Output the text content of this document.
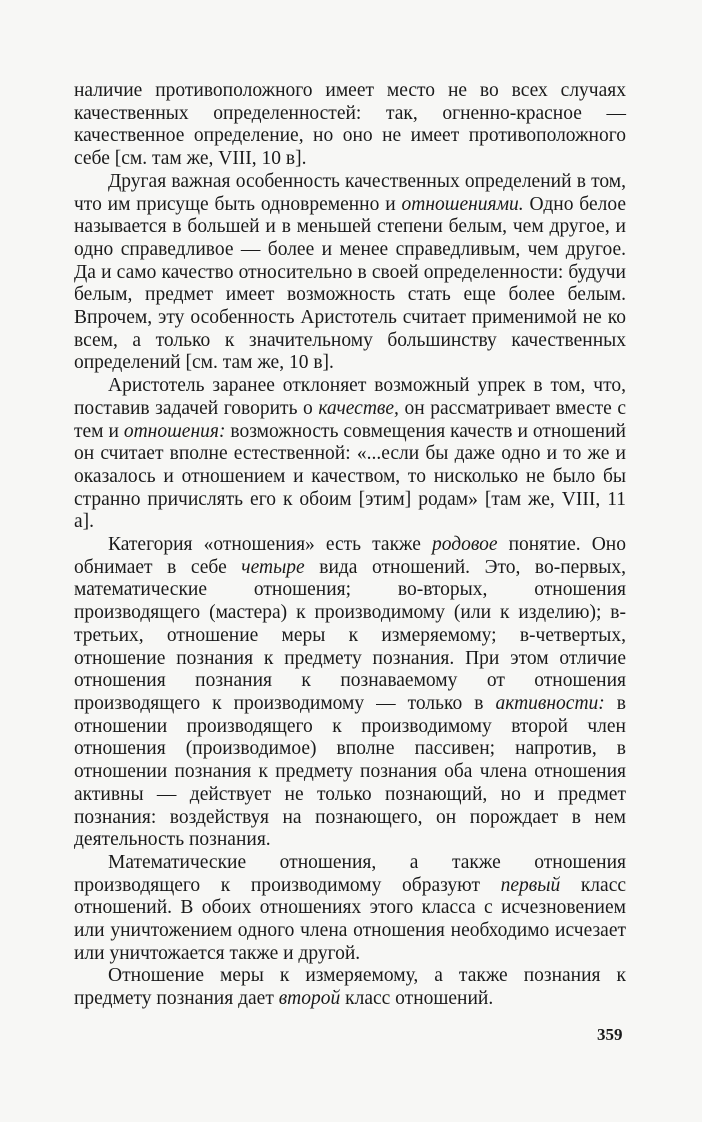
наличие противоположного имеет место не во всех случаях качественных определенностей: так, огненно-красное — качественное определение, но оно не имеет противоположного себе [см. там же, VIII, 10 в].

Другая важная особенность качественных определений в том, что им присуще быть одновременно и отношениями. Одно белое называется в большей и в меньшей степени белым, чем другое, и одно справедливое — более и менее справедливым, чем другое. Да и само качество относительно в своей определенности: будучи белым, предмет имеет возможность стать еще более белым. Впрочем, эту особенность Аристотель считает применимой не ко всем, а только к значительному большинству качественных определений [см. там же, 10 в].

Аристотель заранее отклоняет возможный упрек в том, что, поставив задачей говорить о качестве, он рассматривает вместе с тем и отношения: возможность совмещения качеств и отношений он считает вполне естественной: «...если бы даже одно и то же и оказалось и отношением и качеством, то нисколько не было бы странно причислять его к обоим [этим] родам» [там же, VIII, 11 а].

Категория «отношения» есть также родовое понятие. Оно обнимает в себе четыре вида отношений. Это, во-первых, математические отношения; во-вторых, отношения производящего (мастера) к производимому (или к изделию); в-третьих, отношение меры к измеряемому; в-четвертых, отношение познания к предмету познания. При этом отличие отношения познания к познаваемому от отношения производящего к производимому — только в активности: в отношении производящего к производимому второй член отношения (производимое) вполне пассивен; напротив, в отношении познания к предмету познания оба члена отношения активны — действует не только познающий, но и предмет познания: воздействуя на познающего, он порождает в нем деятельность познания.

Математические отношения, а также отношения производящего к производимому образуют первый класс отношений. В обоих отношениях этого класса с исчезновением или уничтожением одного члена отношения необходимо исчезает или уничтожается также и другой.

Отношение меры к измеряемому, а также познания к предмету познания дает второй класс отношений.

359
